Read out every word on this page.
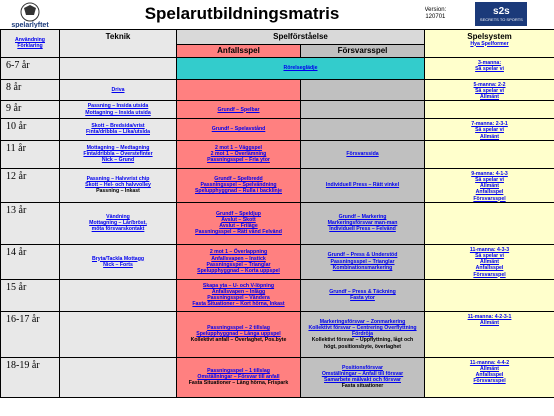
spelarlyftet	Spelarutbildningsmatris			Version:
120701 s2s
SECRETS TO SPORTS

Användning
Förklaring	Teknik	Spelförståelse		Spelsystem
Hya Spelformer

		Anfallsspel	Försvarsspel	
6-7 år		Rörelseglädje		3-manna:
Så spelar vi

8 år	Driva			5-manna: 2-2
Så spelar vi
Allmänt

9 år	Passning – Insida utsida
Mottagning – Insida utsida	Grundf – Spelbar		

10 år	Skott – Bredsida/vrist
Finta/dribbla – Lika/utsida	Grundf – Spelavstånd		7-manna: 2-3-1
Så spelar vi
Allmänt

11 år	Mottagning – Medtagning
Finta/dribbla – Överstefinter
Nick – Grund	2 mot 1 – Väggspel
2 mot 1 – Överlämning
Passningsspel – Fria ytor	Försvarssida	

12 år	Passning – Halvvrist chip
Skott – Hel- och halvvolley
Passning – Inkast	Grundf – Spelbredd
Passningsspel – Spelvändning
Spelupphyggnad – Rulla i backlinje	Individuell Press – Rätt vinkel	9-manna: 4-1-3
Så spelar vi
Allmänt
Anfallsspel
Försvarsspel

13 år	Vändning
Mottagning – Lår/bröst,
möta försvarskontakt	Grundf – Speldjup
Avslut – Skott
Avslut – Frilägе
Passningsspel – Rätt vänd Felvänd	Grundf – Markering
Markeringsförsvar man-man
Individuell Press – Felvänd	

14 år	Bryta/Tackla Mottagg
Nick – Forts	2 mot 1 – Överlappning
Anfallsvapen – Instick
Passningsspel – Trianglar
Spelupphyggnad – Korta uppspel	Grundf – Press & Understöd
Passningsspel – Trianglar
Kombinationsmarkering	11-manna: 4-3-3
Så spelar vi
Allmänt
Anfallsspel
Försvarsspel

15 år		Skapa yta – U- och V-löpning
Anfallsvapen – Inlägg
Passningsspel – Vändera
Fasta Situationer – Kort hörna, Inkast	Grundf – Press & Täckning
Fasta ytor	

16-17 år		Passningsspel – 2 tillslag
Spelupphyggnad – Långa uppspel
Kollektivt anfall – Överlaghet, Pos.byte	Markeringsförsvar – Zonmarkering
Kollektivt försvar – Centrering Överflyttning
Fördröja
Kollektivt försvar – Uppflyttning, lågt och
högt, positionsbyte, överlaghet	11-manna: 4-2-3-1
Allmänt

18-19 år		Passningsspel – 1 tillslag
Omställningar – Försvar till anfall
Fasta Situationer – Lång hörna, Frispark	Positionsförsvar
Omställningar – Anfall till försvar
Samarbete målvakt och försvar
Fasta situationer	11-manna: 4-4-2
Allmänt
Anfallsspel
Försvarsspel
